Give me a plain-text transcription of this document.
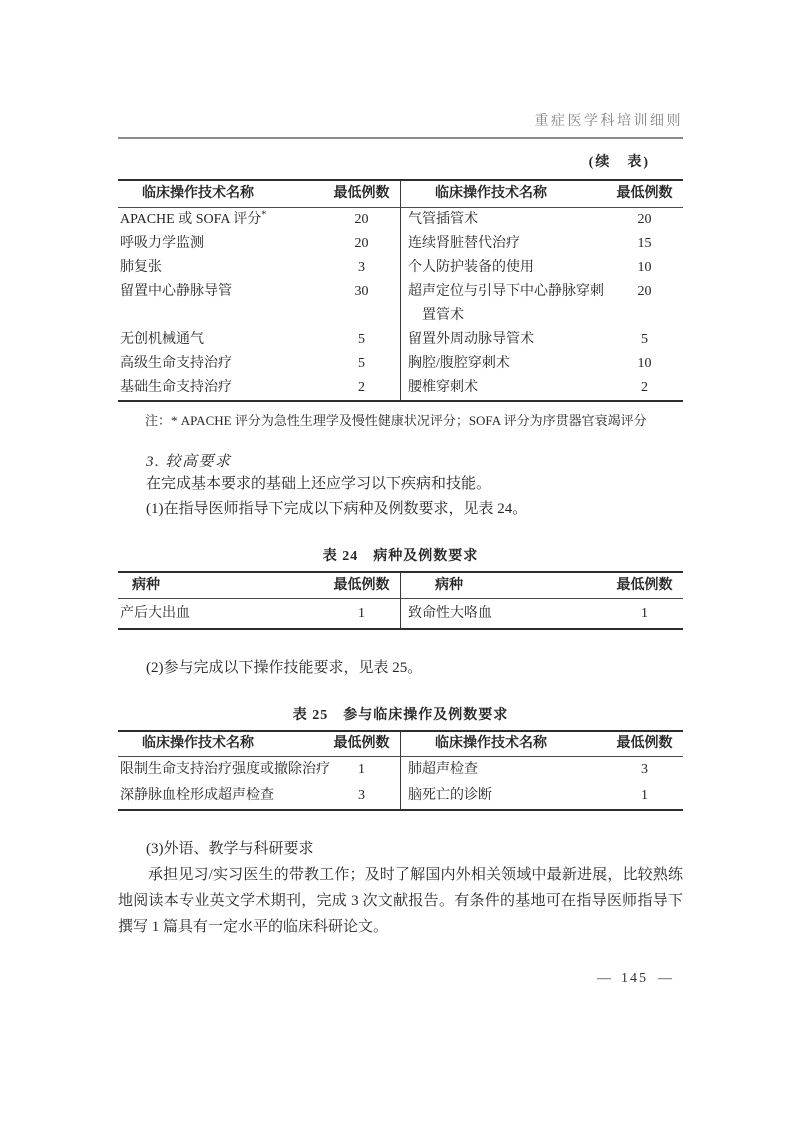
重症医学科培训细则
(续　表)
临床操作技术名称	最低例数	临床操作技术名称	最低例数
APACHE 或 SOFA 评分*	20	气管插管术	20
呼吸力学监测	20	连续肾脏替代治疗	15
肺复张	3	个人防护装备的使用	10
留置中心静脉导管	30	超声定位与引导下中心静脉穿刺	20
置管术
无创机械通气	5	留置外周动脉导管术	5
高级生命支持治疗	5	胸腔/腹腔穿刺术	10
基础生命支持治疗	2	腰椎穿刺术	2
注：* APACHE 评分为急性生理学及慢性健康状况评分；SOFA 评分为序贯器官衰竭评分
3. 较高要求
在完成基本要求的基础上还应学习以下疾病和技能。
(1)在指导医师指导下完成以下病种及例数要求，见表 24。
表 24　病种及例数要求
病种	最低例数	病种	最低例数
产后大出血	1	致命性大咯血	1
(2)参与完成以下操作技能要求，见表 25。
表 25　参与临床操作及例数要求
临床操作技术名称	最低例数	临床操作技术名称	最低例数
限制生命支持治疗强度或撤除治疗	1	肺超声检查	3
深静脉血栓形成超声检查	3	脑死亡的诊断	1
(3)外语、教学与科研要求
承担见习/实习医生的带教工作；及时了解国内外相关领域中最新进展，比较熟练地阅读本专业英文学术期刊，完成 3 次文献报告。有条件的基地可在指导医师指导下撰写 1 篇具有一定水平的临床科研论文。
— 145 —
